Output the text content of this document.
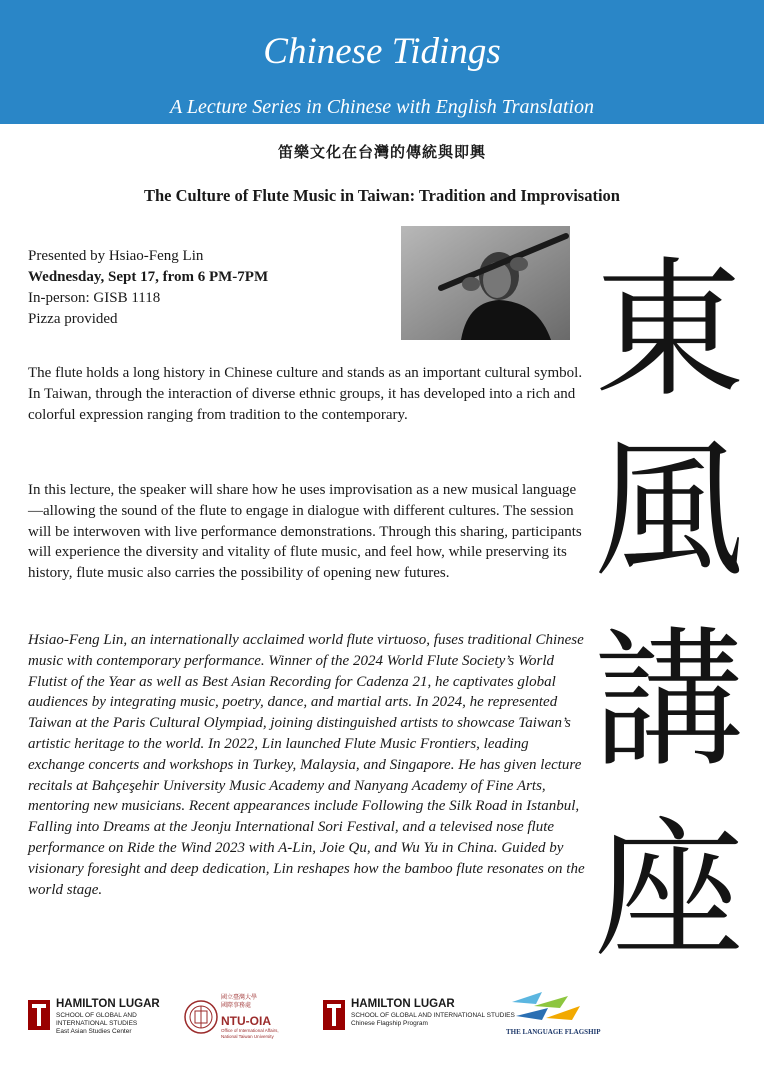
Chinese Tidings
A Lecture Series in Chinese with English Translation
笛樂文化在台灣的傳統與即興
The Culture of Flute Music in Taiwan: Tradition and Improvisation
Presented by Hsiao-Feng Lin
Wednesday, Sept 17, from 6 PM-7PM
In-person: GISB 1118
Pizza provided	東
風
講
座

The flute holds a long history in Chinese culture and stands as an important cultural symbol. In Taiwan, through the interaction of diverse ethnic groups, it has developed into a rich and colorful expression ranging from tradition to the contemporary.

In this lecture, the speaker will share how he uses improvisation as a new musical language—allowing the sound of the flute to engage in dialogue with different cultures. The session will be interwoven with live performance demonstrations. Through this sharing, participants will experience the diversity and vitality of flute music, and feel how, while preserving its history, flute music also carries the possibility of opening new futures.

Hsiao-Feng Lin, an internationally acclaimed world flute virtuoso, fuses traditional Chinese music with contemporary performance. Winner of the 2024 World Flute Society’s World Flutist of the Year as well as Best Asian Recording for Cadenza 21, he captivates global audiences by integrating music, poetry, dance, and martial arts. In 2024, he represented Taiwan at the Paris Cultural Olympiad, joining distinguished artists to showcase Taiwan’s artistic heritage to the world. In 2022, Lin launched Flute Music Frontiers, leading exchange concerts and workshops in Turkey, Malaysia, and Singapore. He has given lecture recitals at Bahçeşehir University Music Academy and Nanyang Academy of Fine Arts, mentoring new musicians. Recent appearances include Following the Silk Road in Istanbul, Falling into Dreams at the Jeonju International Sori Festival, and a televised nose flute performance on Ride the Wind 2023 with A-Lin, Joie Qu, and Wu Yu in China. Guided by visionary foresight and deep dedication, Lin reshapes how the bamboo flute resonates on the world stage.

HAMILTON LUGAR
SCHOOL OF GLOBAL AND
INTERNATIONAL STUDIES
East Asian Studies Center
國立臺灣大學
國際事務處
NTU-OIA
Office of International Affairs,
National Taiwan University
HAMILTON LUGAR
SCHOOL OF GLOBAL AND INTERNATIONAL STUDIES
Chinese Flagship Program
THE LANGUAGE FLAGSHIP
